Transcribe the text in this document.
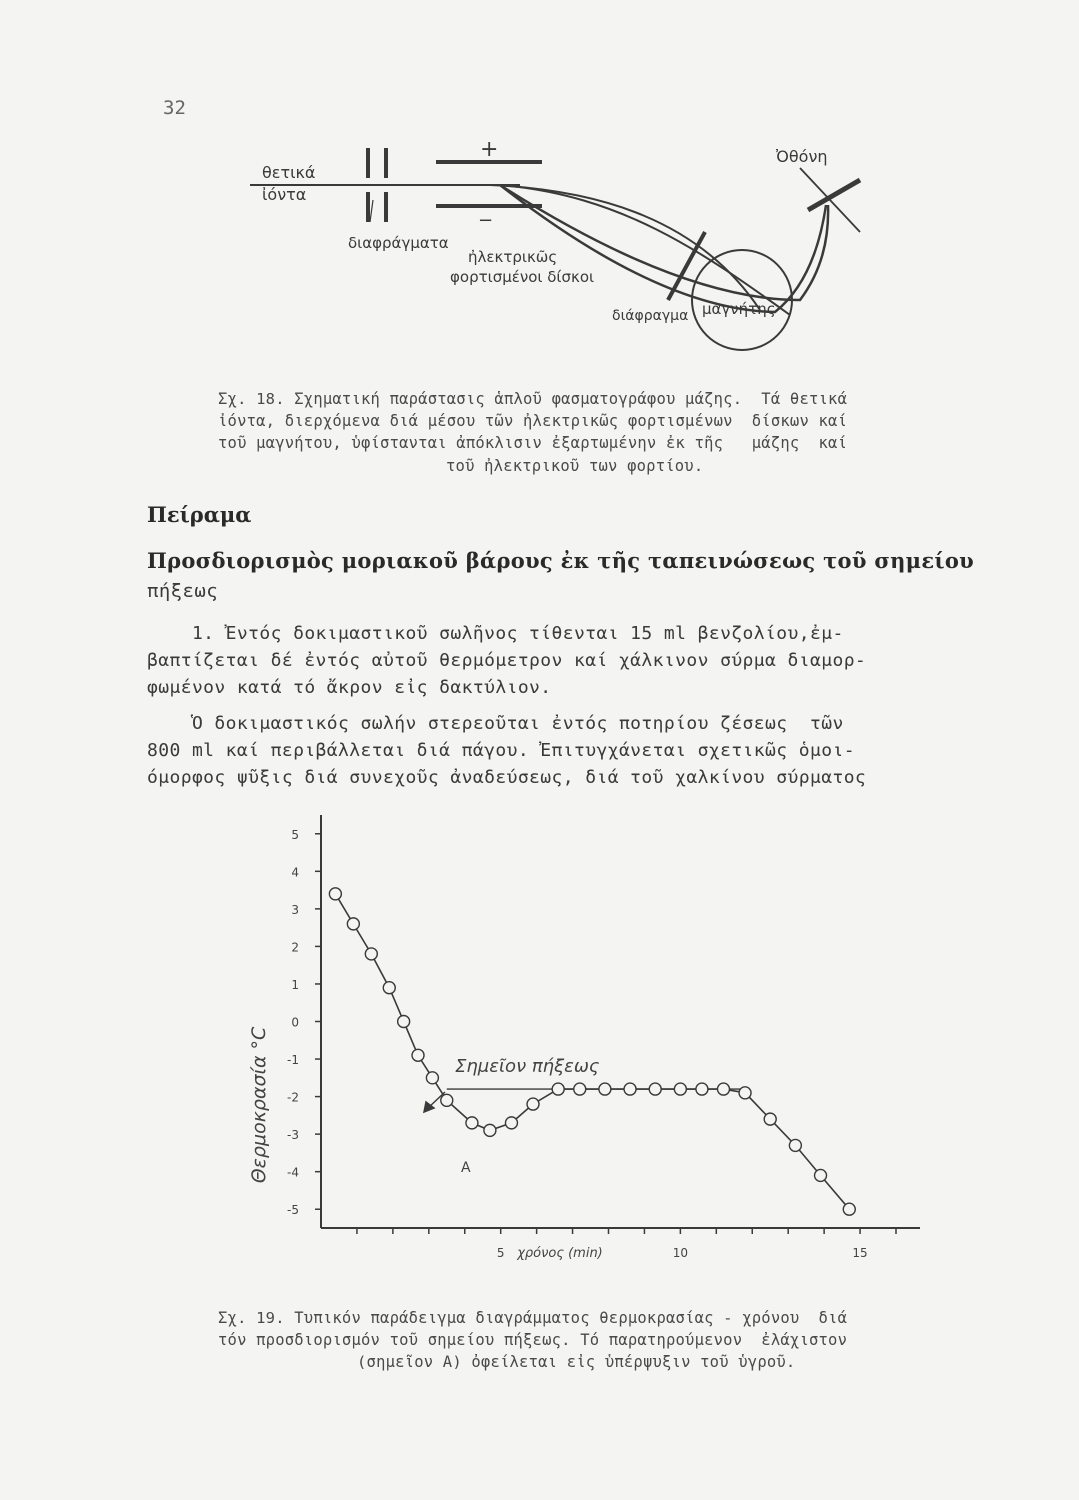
32
θετικά
ἰόντα
διαφράγματα
ἠλεκτρικῶς
φορτισμένοι δίσκοι
διάφραγμα μαγνήτης
Ὀθόνη
+
−
Σχ. 18. Σχηματική παράστασις ἁπλοῦ φασματογράφου μάζης.  Τά θετικά
ἰόντα, διερχόμενα διά μέσου τῶν ἠλεκτρικῶς φορτισμένων  δίσκων καί
τοῦ μαγνήτου, ὑφίστανται ἀπόκλισιν ἐξαρτωμένην ἐκ τῆς   μάζης  καί
τοῦ ἠλεκτρικοῦ των φορτίου.
Πείραμα
Προσδιορισμὸς μοριακοῦ βάρους ἐκ τῆς ταπεινώσεως τοῦ σημείου
πήξεως
1. Ἐντός δοκιμαστικοῦ σωλῆνος τίθενται 15 ml βενζολίου,ἐμ-
βαπτίζεται δέ ἐντός αὐτοῦ θερμόμετρον καί χάλκινον σύρμα διαμορ-
φωμένον κατά τό ἄκρον εἰς δακτύλιον.
Ὁ δοκιμαστικός σωλήν στερεοῦται ἐντός ποτηρίου ζέσεως  τῶν
800 ml καί περιβάλλεται διά πάγου. Ἐπιτυγχάνεται σχετικῶς ὁμοι-
όμορφος ψῦξις διά συνεχοῦς ἀναδεύσεως, διά τοῦ χαλκίνου σύρματος
5
4
3
2
1
0
-1
-2
-3
-4
-5
5	10	15
Θερμοκρασία °C
χρόνος (min)
Σημεῖον πήξεως
A
Σχ. 19. Τυπικόν παράδειγμα διαγράμματος θερμοκρασίας - χρόνου  διά
τόν προσδιορισμόν τοῦ σημείου πήξεως. Τό παρατηρούμενον  ἐλάχιστον
(σημεῖον Α) ὀφείλεται εἰς ὑπέρψυξιν τοῦ ὑγροῦ.
